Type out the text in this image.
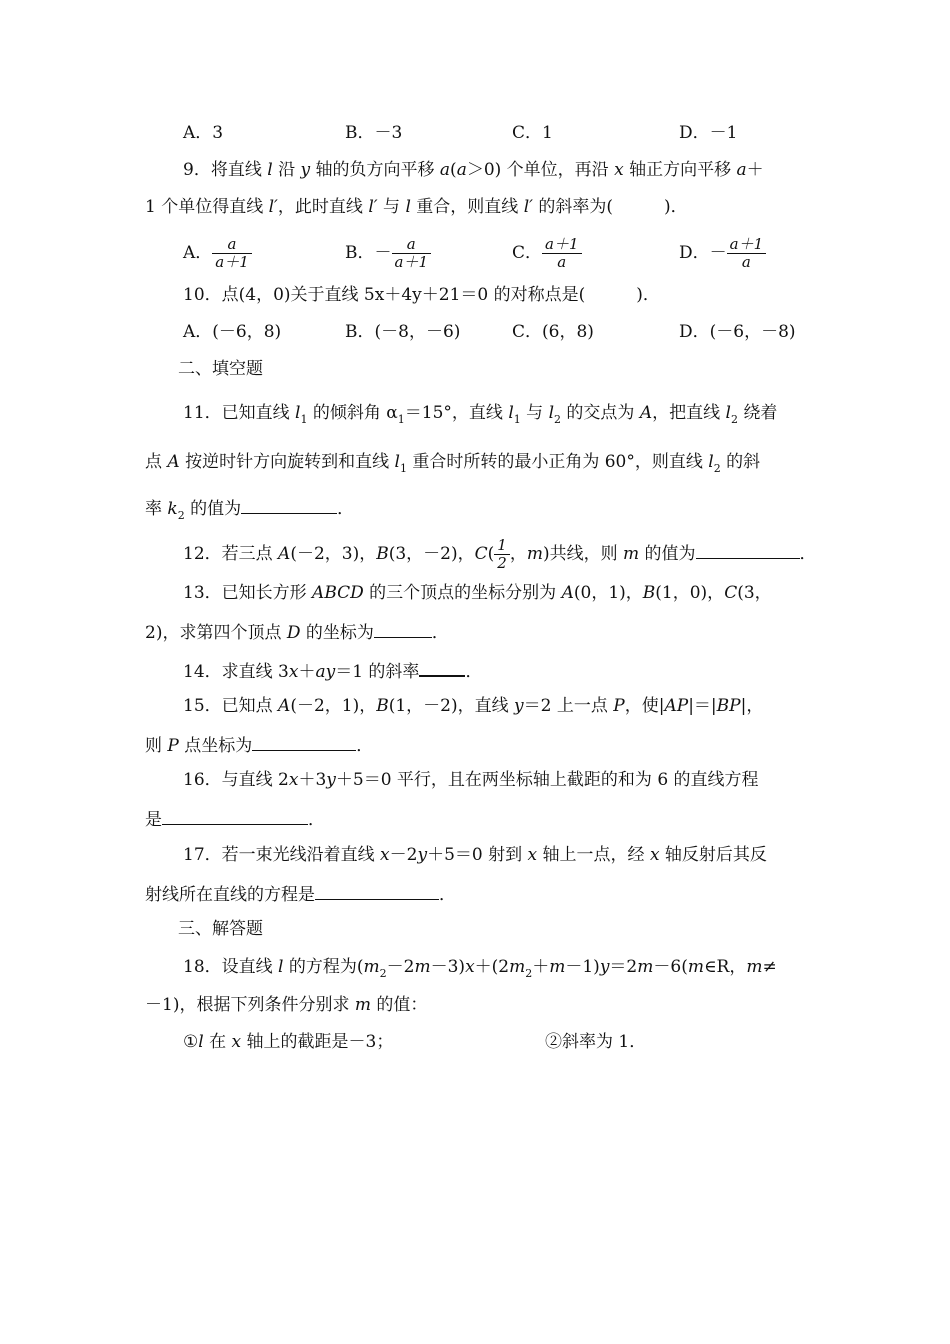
A．3	B．－3	C．1	D．－1
9．将直线 l 沿 y 轴的负方向平移 a(a＞0) 个单位，再沿 x 轴正方向平移 a＋
1 个单位得直线 l′，此时直线 l′ 与 l 重合，则直线 l′ 的斜率为(　　　)．
A． $\frac{a}{a+1}$	B．－ $\frac{a}{a+1}$	C． $\frac{a+1}{a}$	D．－ $\frac{a+1}{a}$
10．点(4，0)关于直线 5x＋4y＋21＝0 的对称点是(　　　)．
A．(－6，8)	B．(－8，－6)	C．(6，8)	D．(－6，－8)
二、填空题
11．已知直线 $l_1$ 的倾斜角 $\alpha_1=15^\circ$，直线 $l_1$ 与 $l_2$ 的交点为 A，把直线 $l_2$ 绕着
点 A 按逆时针方向旋转到和直线 $l_1$ 重合时所转的最小正角为 60°，则直线 $l_2$ 的斜
率 $k_2$ 的值为	．
12．若三点 A(－2，3)，B(3，－2)，$C( \frac{1}{2}$ ，m)共线，则 m 的值为	．
13．已知长方形 ABCD 的三个顶点的坐标分别为 A(0，1)，B(1，0)，C(3，
2)，求第四个顶点 D 的坐标为	．
14．求直线 3x＋ay＝1 的斜率	．
15．已知点 A(－2，1)，B(1，－2)，直线 y＝2 上一点 P，使|AP|＝|BP|，
则 P 点坐标为	．
16．与直线 2x＋3y＋5＝0 平行，且在两坐标轴上截距的和为 6 的直线方程
是	．
17．若一束光线沿着直线 x－2y＋5＝0 射到 x 轴上一点，经 x 轴反射后其反
射线所在直线的方程是	．
三、解答题
18．设直线 l 的方程为$(m_2-2m-3)x+(2m_2+m-1)y=2m-6(m\in R$，m≠
－1)，根据下列条件分别求 m 的值：
①l 在 x 轴上的截距是－3；	②斜率为 1．
